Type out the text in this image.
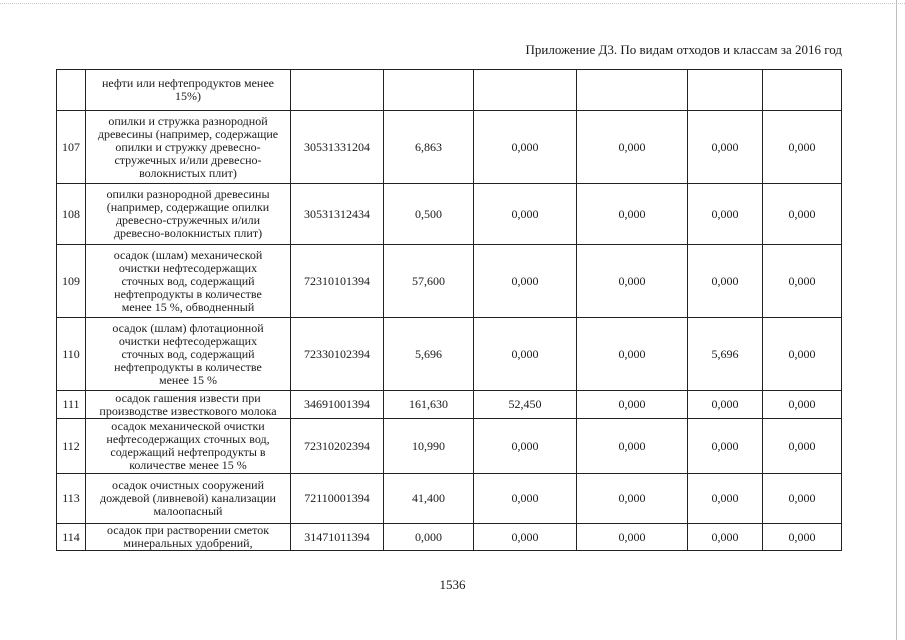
Приложение Д3. По видам отходов и классам за 2016 год

	нефти или нефтепродуктов менее
15%)						

107	опилки и стружка разнородной
древесины (например, содержащие
опилки и стружку древесно-
стружечных и/или древесно-
волокнистых плит)	30531331204	6,863	0,000	0,000	0,000	0,000
108	опилки разнородной древесины
(например, содержащие опилки
древесно-стружечных и/или
древесно-волокнистых плит)	30531312434	0,500	0,000	0,000	0,000	0,000
109	осадок (шлам) механической
очистки нефтесодержащих
сточных вод, содержащий
нефтепродукты в количестве
менее 15 %, обводненный	72310101394	57,600	0,000	0,000	0,000	0,000
110	осадок (шлам) флотационной
очистки нефтесодержащих
сточных вод, содержащий
нефтепродукты в количестве
менее 15 %	72330102394	5,696	0,000	0,000	5,696	0,000
111	осадок гашения извести при
производстве известкового молока	34691001394	161,630	52,450	0,000	0,000	0,000
112	осадок механической очистки
нефтесодержащих сточных вод,
содержащий нефтепродукты в
количестве менее 15 %	72310202394	10,990	0,000	0,000	0,000	0,000
113	осадок очистных сооружений
дождевой (ливневой) канализации
малоопасный	72110001394	41,400	0,000	0,000	0,000	0,000
114	осадок при растворении сметок
минеральных удобрений,	31471011394	0,000	0,000	0,000	0,000	0,000
1536
